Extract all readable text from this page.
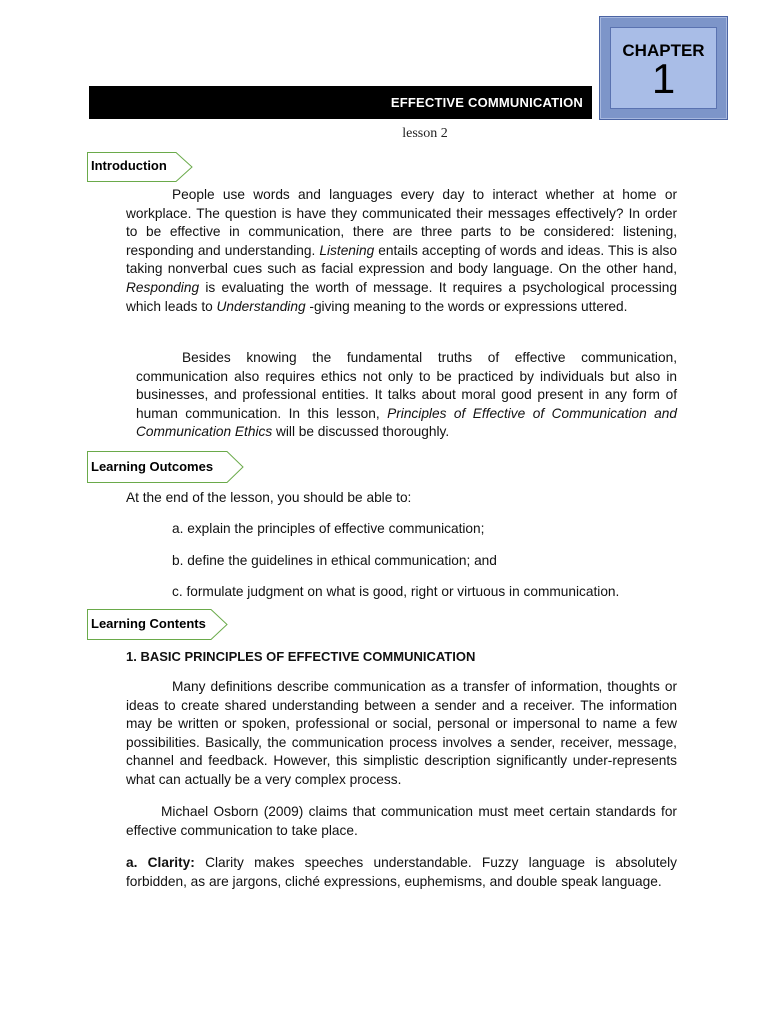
CHAPTER
1
EFFECTIVE COMMUNICATION
lesson 2
Introduction

People use words and languages every day to interact whether at home or workplace. The question is have they communicated their messages effectively? In order to be effective in communication, there are three parts to be considered: listening, responding and understanding. Listening entails accepting of words and ideas. This is also taking nonverbal cues such as facial expression and body language. On the other hand, Responding is evaluating the worth of message. It requires a psychological processing which leads to Understanding -giving meaning to the words or expressions uttered.

Besides knowing the fundamental truths of effective communication, communication also requires ethics not only to be practiced by individuals but also in businesses, and professional entities. It talks about moral good present in any form of human communication. In this lesson, Principles of Effective of Communication and Communication Ethics will be discussed thoroughly.

Learning Outcomes

At the end of the lesson, you should be able to:

a. explain the principles of effective communication;

b. define the guidelines in ethical communication; and

c. formulate judgment on what is good, right or virtuous in communication.

Learning Contents
1. BASIC PRINCIPLES OF EFFECTIVE COMMUNICATION

Many definitions describe communication as a transfer of information, thoughts or ideas to create shared understanding between a sender and a receiver. The information may be written or spoken, professional or social, personal or impersonal to name a few possibilities. Basically, the communication process involves a sender, receiver, message, channel and feedback. However, this simplistic description significantly under-represents what can actually be a very complex process.

Michael Osborn (2009) claims that communication must meet certain standards for effective communication to take place.

a. Clarity: Clarity makes speeches understandable. Fuzzy language is absolutely forbidden, as are jargons, cliché expressions, euphemisms, and double speak language.
